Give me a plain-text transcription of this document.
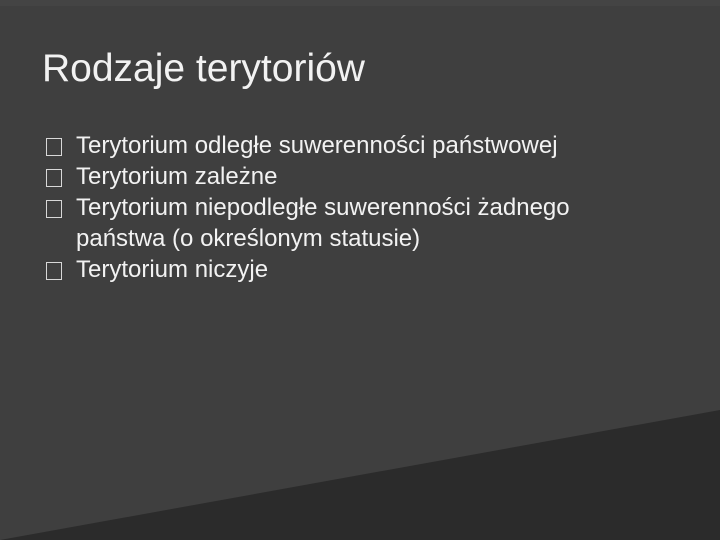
Rodzaje terytoriów
Terytorium odległe suwerenności państwowej
Terytorium zależne
Terytorium niepodległe suwerenności żadnego państwa (o określonym statusie)
Terytorium niczyje
